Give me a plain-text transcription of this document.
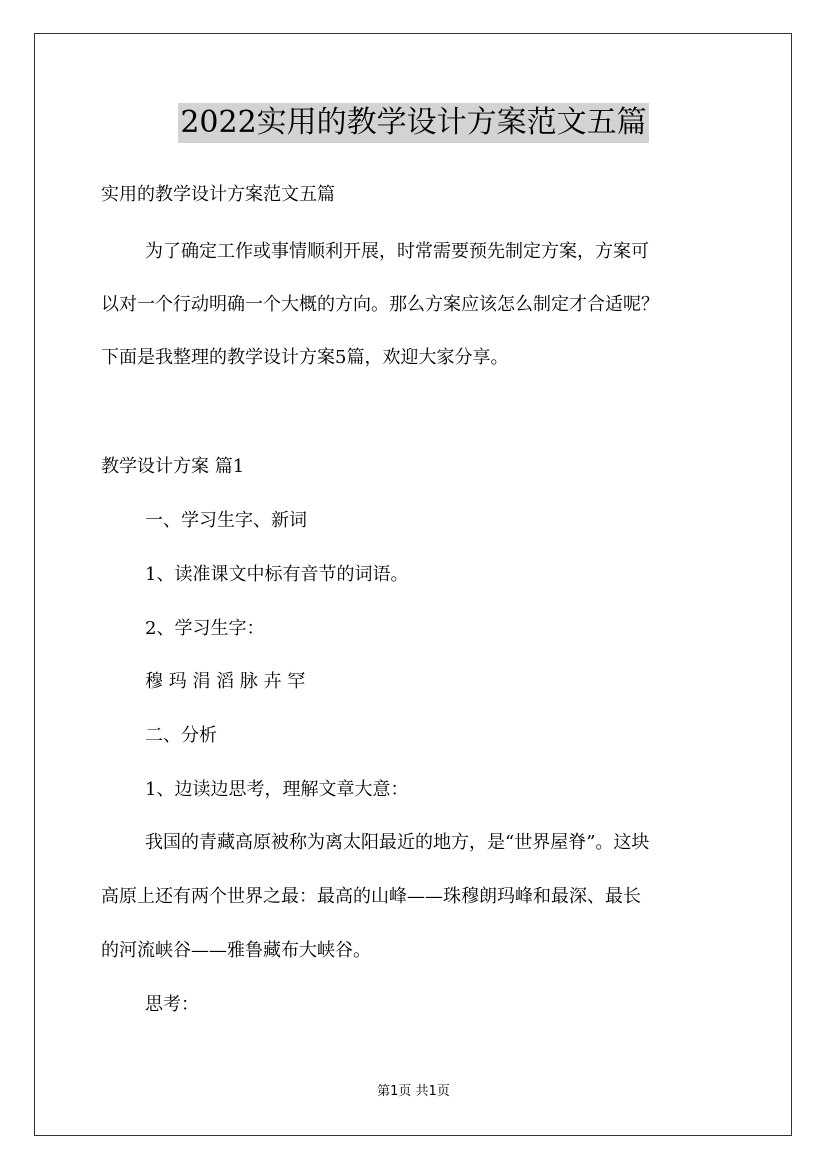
2022实用的教学设计方案范文五篇
实用的教学设计方案范文五篇
为了确定工作或事情顺利开展，时常需要预先制定方案，方案可
以对一个行动明确一个大概的方向。那么方案应该怎么制定才合适呢？
下面是我整理的教学设计方案5篇，欢迎大家分享。
教学设计方案 篇1
一、学习生字、新词
1、读准课文中标有音节的词语。
2、学习生字：
穆 玛 涓 滔 脉 卉 罕
二、分析
1、边读边思考，理解文章大意：
我国的青藏高原被称为离太阳最近的地方，是“世界屋脊”。这块
高原上还有两个世界之最：最高的山峰——珠穆朗玛峰和最深、最长
的河流峡谷——雅鲁藏布大峡谷。
思考：
第1页 共1页
